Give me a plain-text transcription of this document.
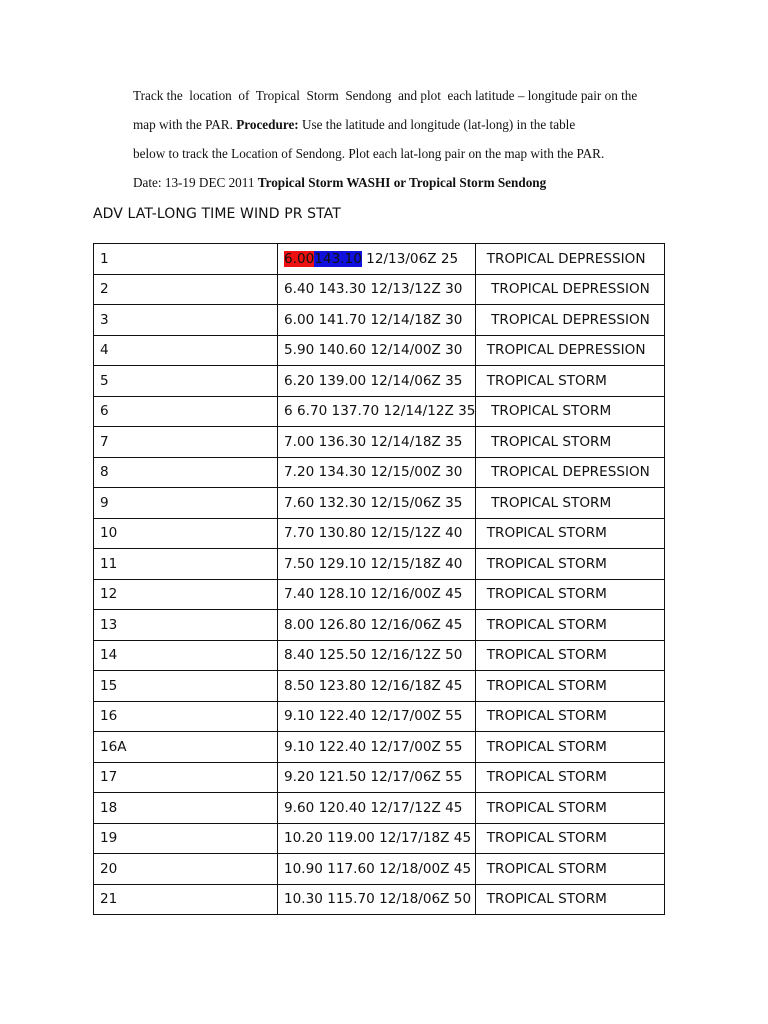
Track the  location  of  Tropical  Storm  Sendong  and plot  each latitude – longitude pair on the

map with the PAR. Procedure: Use the latitude and longitude (lat-long) in the table

below to track the Location of Sendong. Plot each lat-long pair on the map with the PAR.

Date: 13-19 DEC 2011 Tropical Storm WASHI or Tropical Storm Sendong

ADV LAT-LONG TIME WIND PR STAT
1	6.00143.10 12/13/06Z 25	TROPICAL DEPRESSION
2	6.40 143.30 12/13/12Z 30	TROPICAL DEPRESSION
3	6.00 141.70 12/14/18Z 30	TROPICAL DEPRESSION
4	5.90 140.60 12/14/00Z 30	TROPICAL DEPRESSION
5	6.20 139.00 12/14/06Z 35	TROPICAL STORM
6	6 6.70 137.70 12/14/12Z 35	TROPICAL STORM
7	7.00 136.30 12/14/18Z 35	TROPICAL STORM
8	7.20 134.30 12/15/00Z 30	TROPICAL DEPRESSION
9	7.60 132.30 12/15/06Z 35	TROPICAL STORM
10	7.70 130.80 12/15/12Z 40	TROPICAL STORM
11	7.50 129.10 12/15/18Z 40	TROPICAL STORM
12	7.40 128.10 12/16/00Z 45	TROPICAL STORM
13	8.00 126.80 12/16/06Z 45	TROPICAL STORM
14	8.40 125.50 12/16/12Z 50	TROPICAL STORM
15	8.50 123.80 12/16/18Z 45	TROPICAL STORM
16	9.10 122.40 12/17/00Z 55	TROPICAL STORM
16A	9.10 122.40 12/17/00Z 55	TROPICAL STORM
17	9.20 121.50 12/17/06Z 55	TROPICAL STORM
18	9.60 120.40 12/17/12Z 45	TROPICAL STORM
19	10.20 119.00 12/17/18Z 45	TROPICAL STORM
20	10.90 117.60 12/18/00Z 45	TROPICAL STORM
21	10.30 115.70 12/18/06Z 50	TROPICAL STORM
